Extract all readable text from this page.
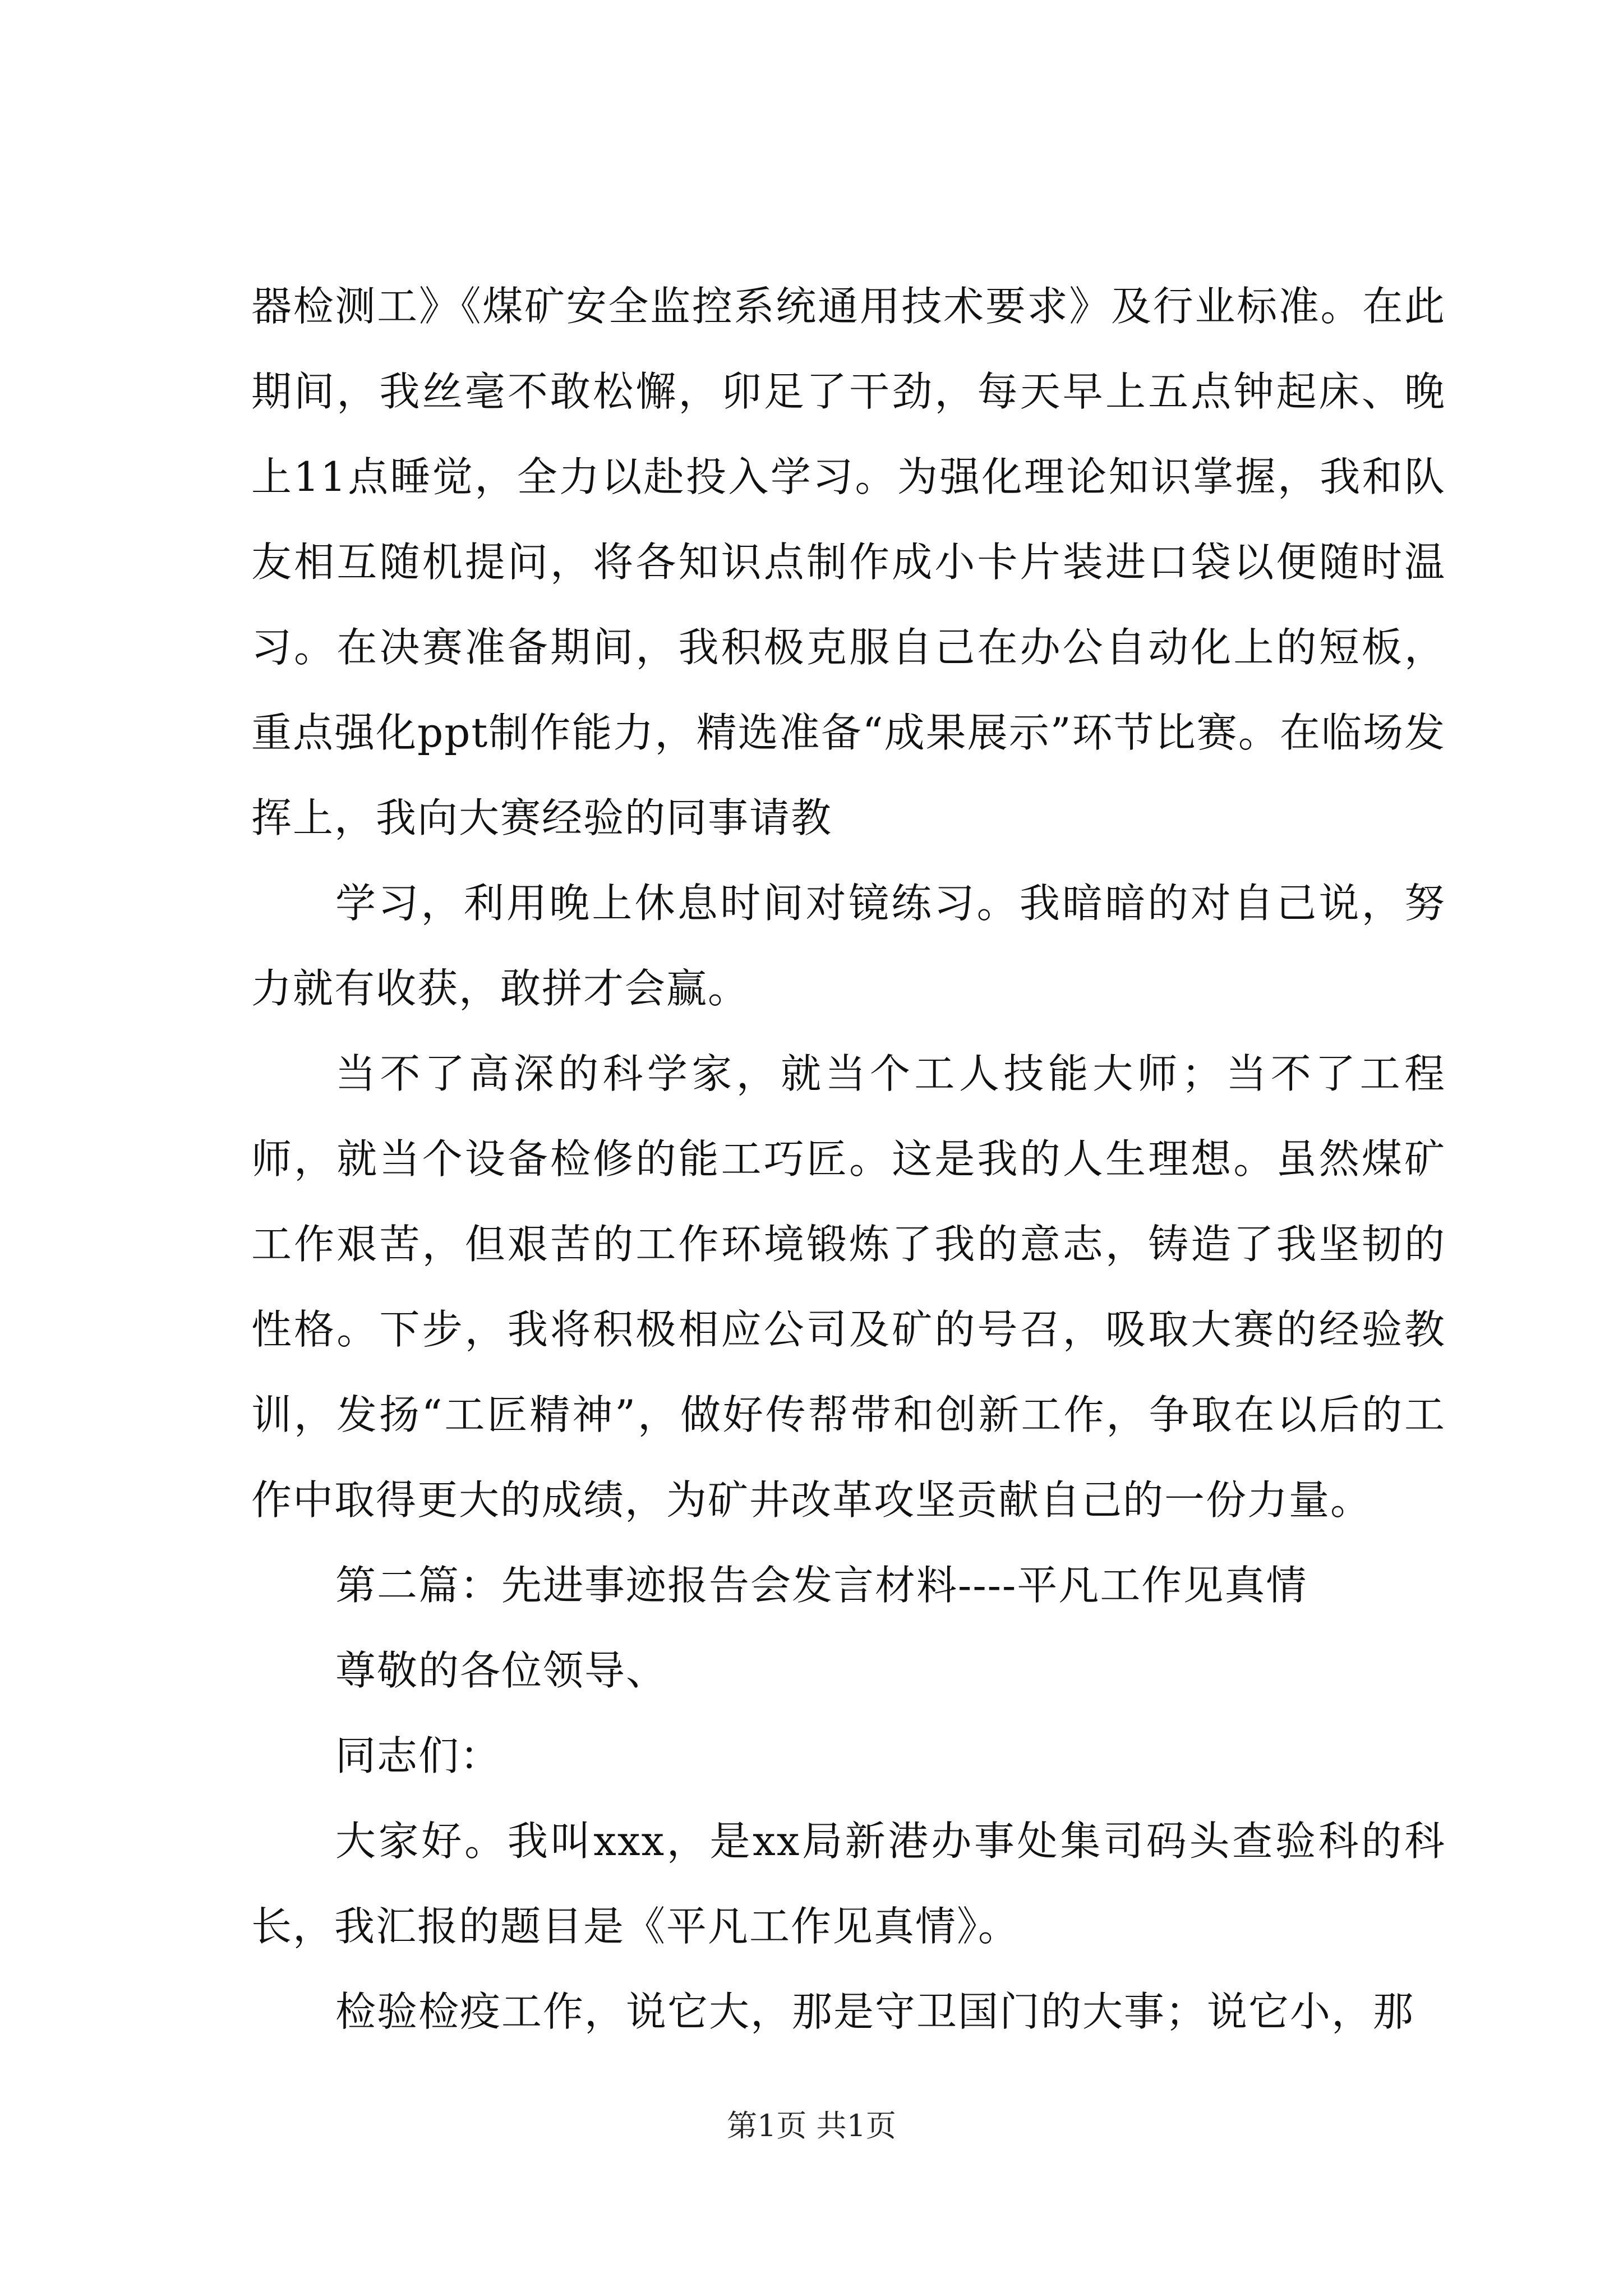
器检测工》《煤矿安全监控系统通用技术要求》及行业标准。在此期间，我丝毫不敢松懈，卯足了干劲，每天早上五点钟起床、晚上11点睡觉，全力以赴投入学习。为强化理论知识掌握，我和队友相互随机提问，将各知识点制作成小卡片装进口袋以便随时温习。在决赛准备期间，我积极克服自己在办公自动化上的短板，重点强化ppt制作能力，精选准备“成果展示”环节比赛。在临场发挥上，我向大赛经验的同事请教

学习，利用晚上休息时间对镜练习。我暗暗的对自己说，努力就有收获，敢拼才会赢。

当不了高深的科学家，就当个工人技能大师；当不了工程师，就当个设备检修的能工巧匠。这是我的人生理想。虽然煤矿工作艰苦，但艰苦的工作环境锻炼了我的意志，铸造了我坚韧的性格。下步，我将积极相应公司及矿的号召，吸取大赛的经验教训，发扬“工匠精神”，做好传帮带和创新工作，争取在以后的工作中取得更大的成绩，为矿井改革攻坚贡献自己的一份力量。

第二篇：先进事迹报告会发言材料----平凡工作见真情

尊敬的各位领导、

同志们：

大家好。我叫xxx，是xx局新港办事处集司码头查验科的科长，我汇报的题目是《平凡工作见真情》。

检验检疫工作，说它大，那是守卫国门的大事；说它小，那

第1页 共1页
